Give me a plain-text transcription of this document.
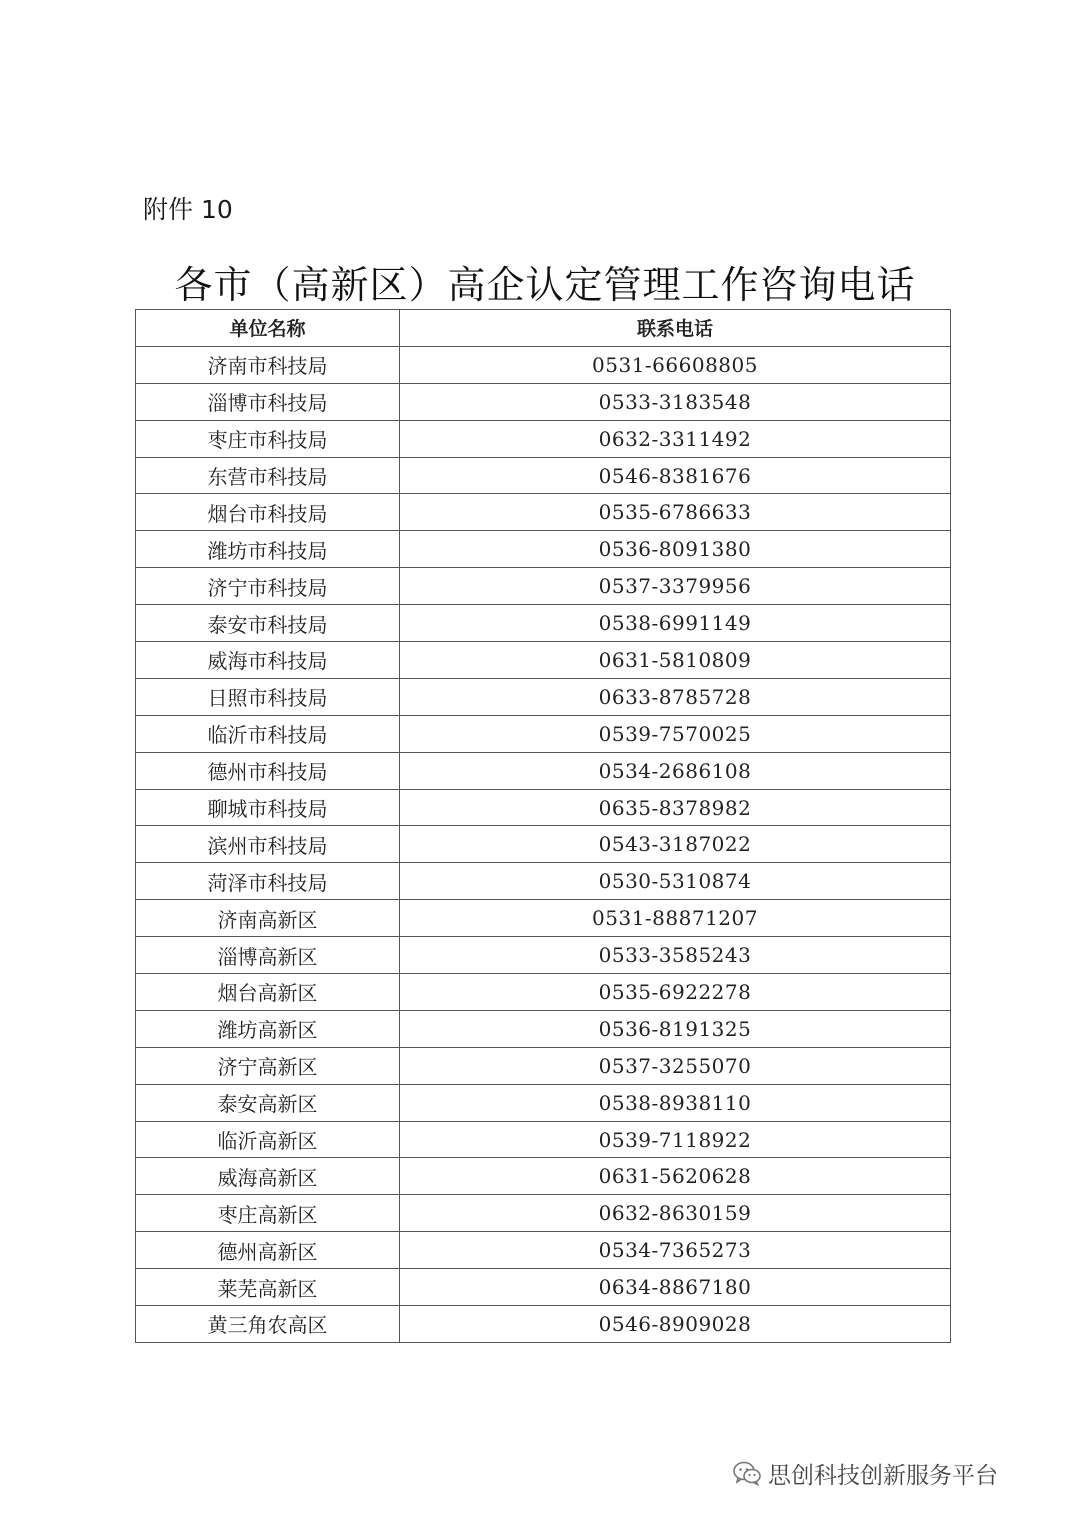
附件 10
各市（高新区）高企认定管理工作咨询电话
单位名称	联系电话
济南市科技局	0531-66608805
淄博市科技局	0533-3183548
枣庄市科技局	0632-3311492
东营市科技局	0546-8381676
烟台市科技局	0535-6786633
潍坊市科技局	0536-8091380
济宁市科技局	0537-3379956
泰安市科技局	0538-6991149
威海市科技局	0631-5810809
日照市科技局	0633-8785728
临沂市科技局	0539-7570025
德州市科技局	0534-2686108
聊城市科技局	0635-8378982
滨州市科技局	0543-3187022
菏泽市科技局	0530-5310874
济南高新区	0531-88871207
淄博高新区	0533-3585243
烟台高新区	0535-6922278
潍坊高新区	0536-8191325
济宁高新区	0537-3255070
泰安高新区	0538-8938110
临沂高新区	0539-7118922
威海高新区	0631-5620628
枣庄高新区	0632-8630159
德州高新区	0534-7365273
莱芜高新区	0634-8867180
黄三角农高区	0546-8909028
思创科技创新服务平台
